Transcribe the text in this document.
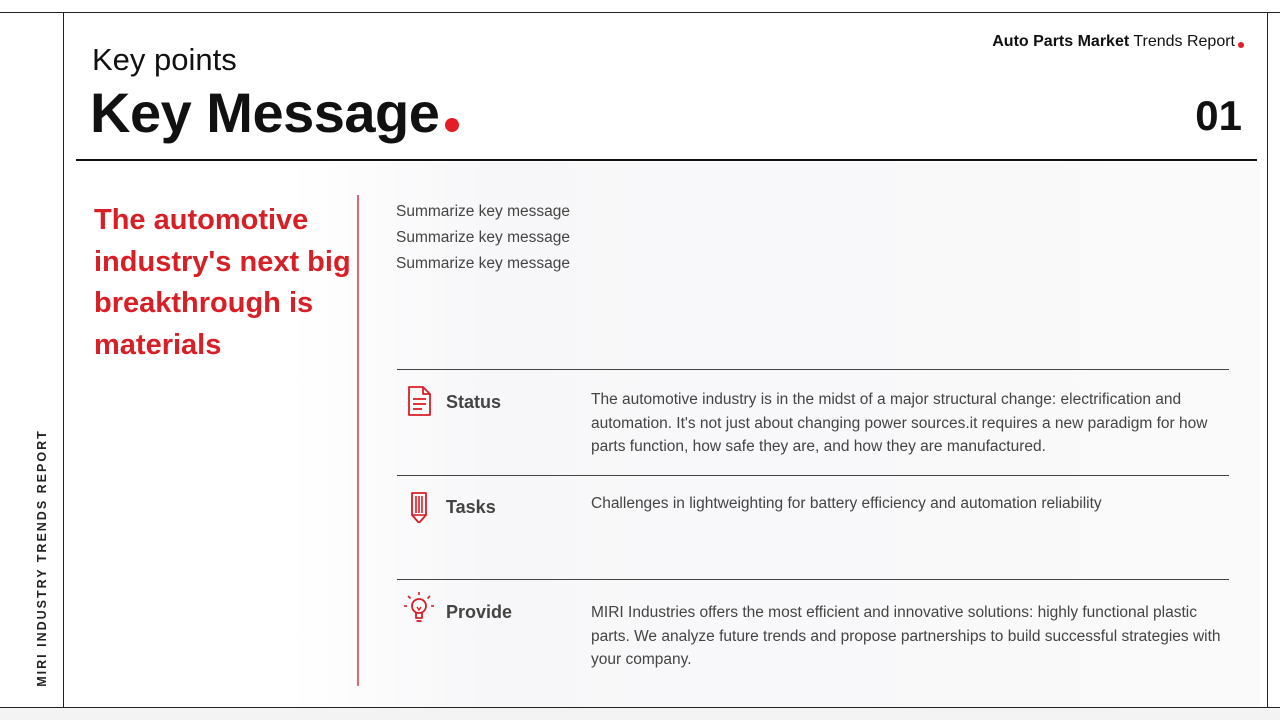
MIRI INDUSTRY TRENDS REPORT
Auto Parts Market Trends Report
Key points
Key Message	01
The automotive industry's next big breakthrough is materials
Summarize key message
Summarize key message
Summarize key message
Status	The automotive industry is in the midst of a major structural change: electrification and automation. It's not just about changing power sources.it requires a new paradigm for how parts function, how safe they are, and how they are manufactured.
Tasks	Challenges in lightweighting for battery efficiency and automation reliability
Provide	MIRI Industries offers the most efficient and innovative solutions: highly functional plastic parts. We analyze future trends and propose partnerships to build successful strategies with your company.
